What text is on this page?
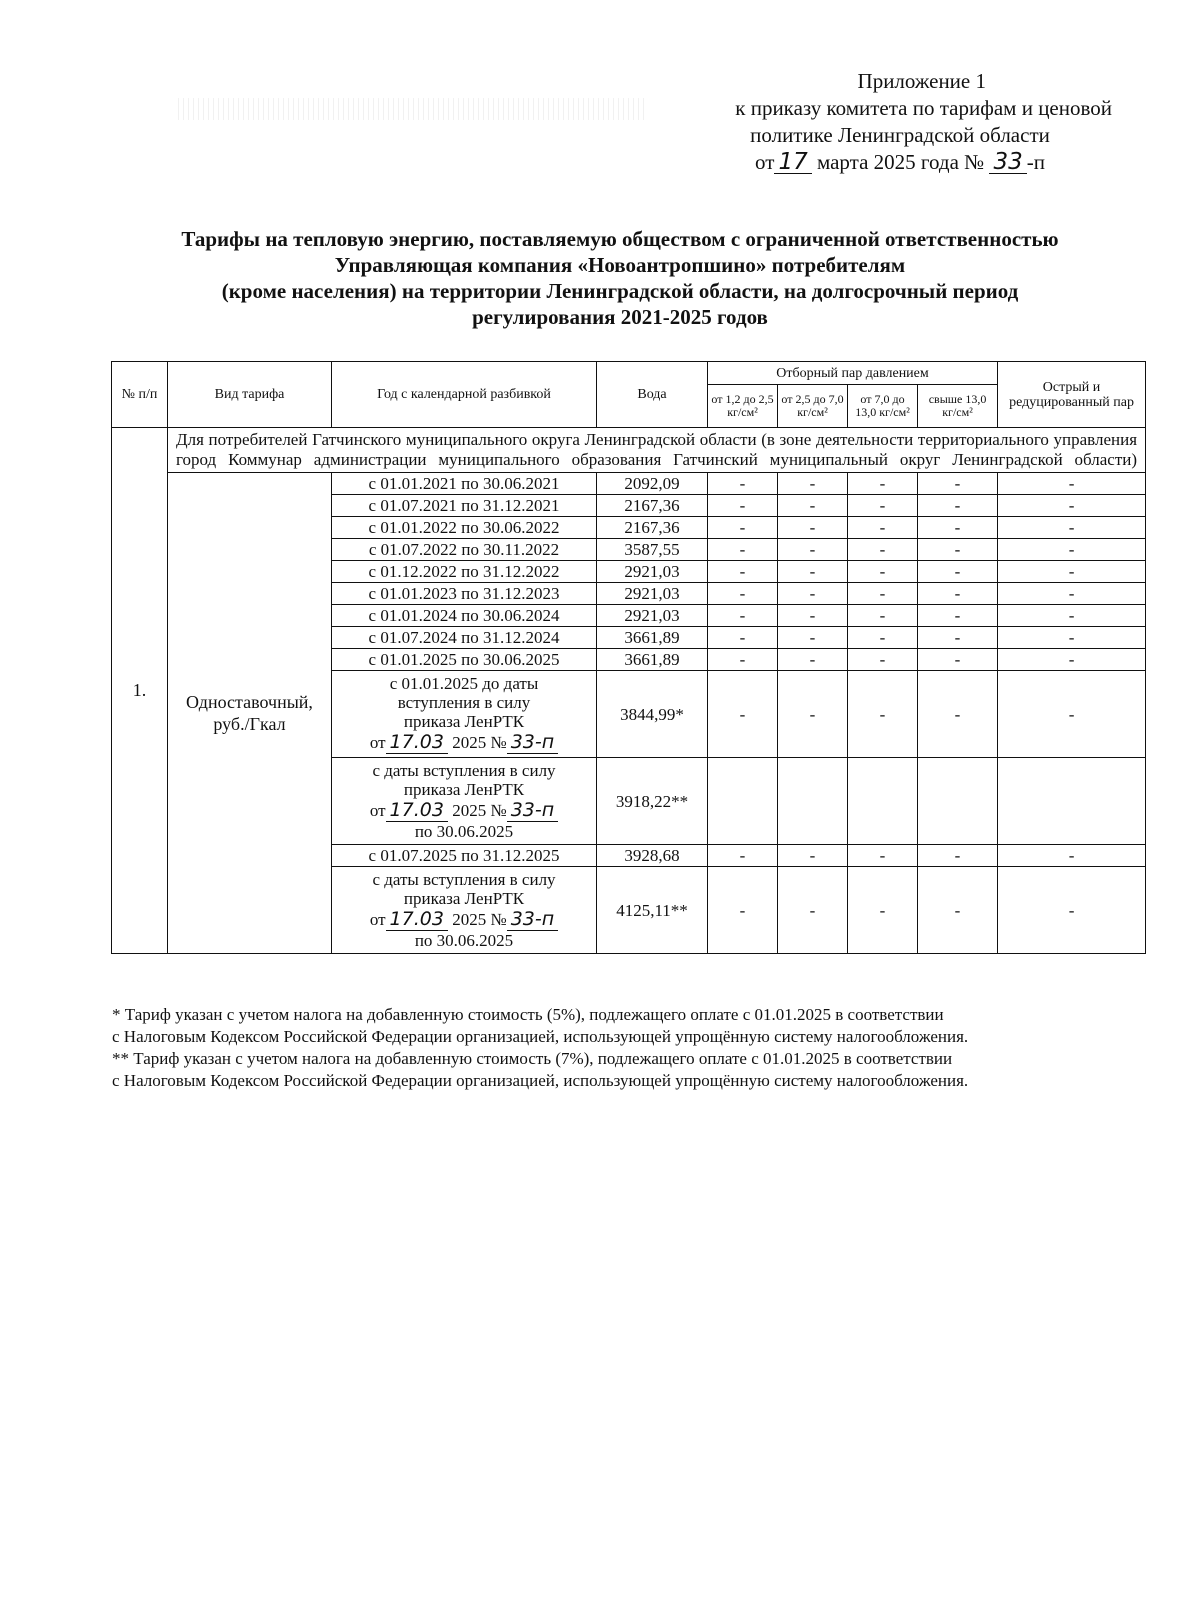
Приложение 1
к приказу комитета по тарифам и ценовой
политике Ленинградской области
от 17 марта 2025 года № 33 -п
Тарифы на тепловую энергию, поставляемую обществом с ограниченной ответственностью
Управляющая компания «Новоантропшино» потребителям
(кроме населения) на территории Ленинградской области, на долгосрочный период
регулирования 2021-2025 годов
№ п/п	Вид тарифа	Год с календарной разбивкой	Вода	Отборный пар давлением				Острый и редуцированный пар
				от 1,2 до 2,5 кг/см²	от 2,5 до 7,0 кг/см²	от 7,0 до 13,0 кг/см²	свыше 13,0 кг/см²	
1.	Для потребителей Гатчинского муниципального округа Ленинградской области (в зоне деятельности территориального управления город Коммунар администрации муниципального образования Гатчинский муниципальный округ Ленинградской области)							
	Одноставочный, руб./Гкал	с 01.01.2021 по 30.06.2021	2092,09	-	-	-	-	-
		с 01.07.2021 по 31.12.2021	2167,36	-	-	-	-	-
		с 01.01.2022 по 30.06.2022	2167,36	-	-	-	-	-
		с 01.07.2022 по 30.11.2022	3587,55	-	-	-	-	-
		с 01.12.2022 по 31.12.2022	2921,03	-	-	-	-	-
		с 01.01.2023 по 31.12.2023	2921,03	-	-	-	-	-
		с 01.01.2024 по 30.06.2024	2921,03	-	-	-	-	-
		с 01.07.2024 по 31.12.2024	3661,89	-	-	-	-	-
		с 01.01.2025 по 30.06.2025	3661,89	-	-	-	-	-

		с 01.01.2025 до даты
вступления в силу
приказа ЛенРТК
от 17.03 2025 № 33-п	3844,99*	-	-	-	-	-

		с даты вступления в силу
приказа ЛенРТК
от 17.03 2025 № 33-п
по 30.06.2025	3918,22**					
		с 01.07.2025 по 31.12.2025	3928,68	-	-	-	-	-

		с даты вступления в силу
приказа ЛенРТК
от 17.03 2025 № 33-п
по 30.06.2025	4125,11**	-	-	-	-	-
* Тариф указан с учетом налога на добавленную стоимость (5%), подлежащего оплате с 01.01.2025 в соответствии
с Налоговым Кодексом Российской Федерации организацией, использующей упрощённую систему налогообложения.
** Тариф указан с учетом налога на добавленную стоимость (7%), подлежащего оплате с 01.01.2025 в соответствии
с Налоговым Кодексом Российской Федерации организацией, использующей упрощённую систему налогообложения.
